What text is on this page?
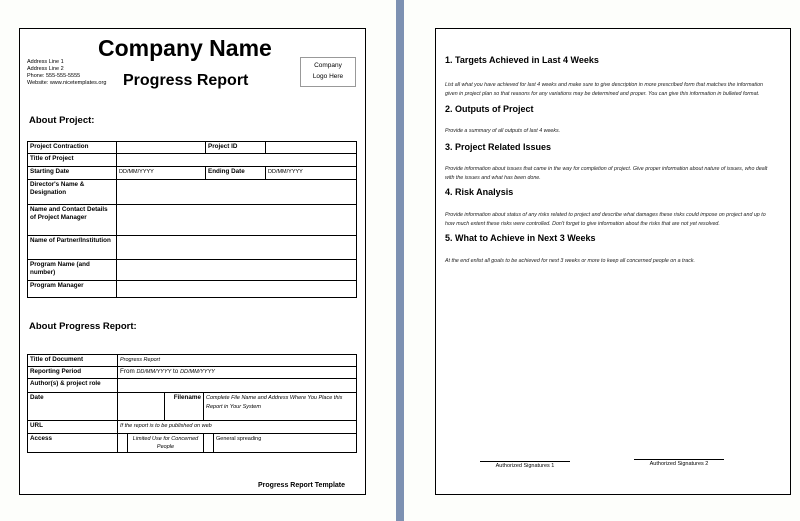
Company Name
Progress Report
Address Line 1
Address Line 2
Phone: 555-555-5555
Website: www.nicetemplates.org
Company
Logo Here
About Project:
Project Contraction		Project ID	
Title of Project			
Starting Date	DD/MM/YYYY	Ending Date	DD/MM/YYYY
Director's Name & Designation			
Name and Contact Details of Project Manager			
Name of Partner/Institution			
Program Name (and number)			
Program Manager			
About Progress Report:
Title of Document	Progress Report				
Reporting Period	From DD/MM/YYYY to DD/MM/YYYY				
Author(s) & project role					
Date			Filename	Complete File Name and Address Where You Place this Report in Your System	
URL	If the report is to be published on web				
Access		Limited Use for Concerned People			General spreading
Progress Report Template
1. Targets Achieved in Last 4 Weeks
List all what you have achieved for last 4 weeks and make sure to give description in more prescribed form that matches the information given in project plan so that reasons for any variations may be determined and proper. You can give this information in bulleted format.
2. Outputs of Project
Provide a summary of all outputs of last 4 weeks.
3. Project Related Issues
Provide information about issues that came in the way for completion of project. Give proper information about nature of issues, who dealt with the issues and what has been done.
4. Risk Analysis
Provide information about status of any risks related to project and describe what damages these risks could impose on project and up to how much extent these risks were controlled. Don't forget to give information about the risks that are not yet resolved.
5. What to Achieve in Next 3 Weeks
At the end enlist all goals to be achieved for next 3 weeks or more to keep all concerned people on a track.
Authorized Signatures 1	Authorized Signatures 2
